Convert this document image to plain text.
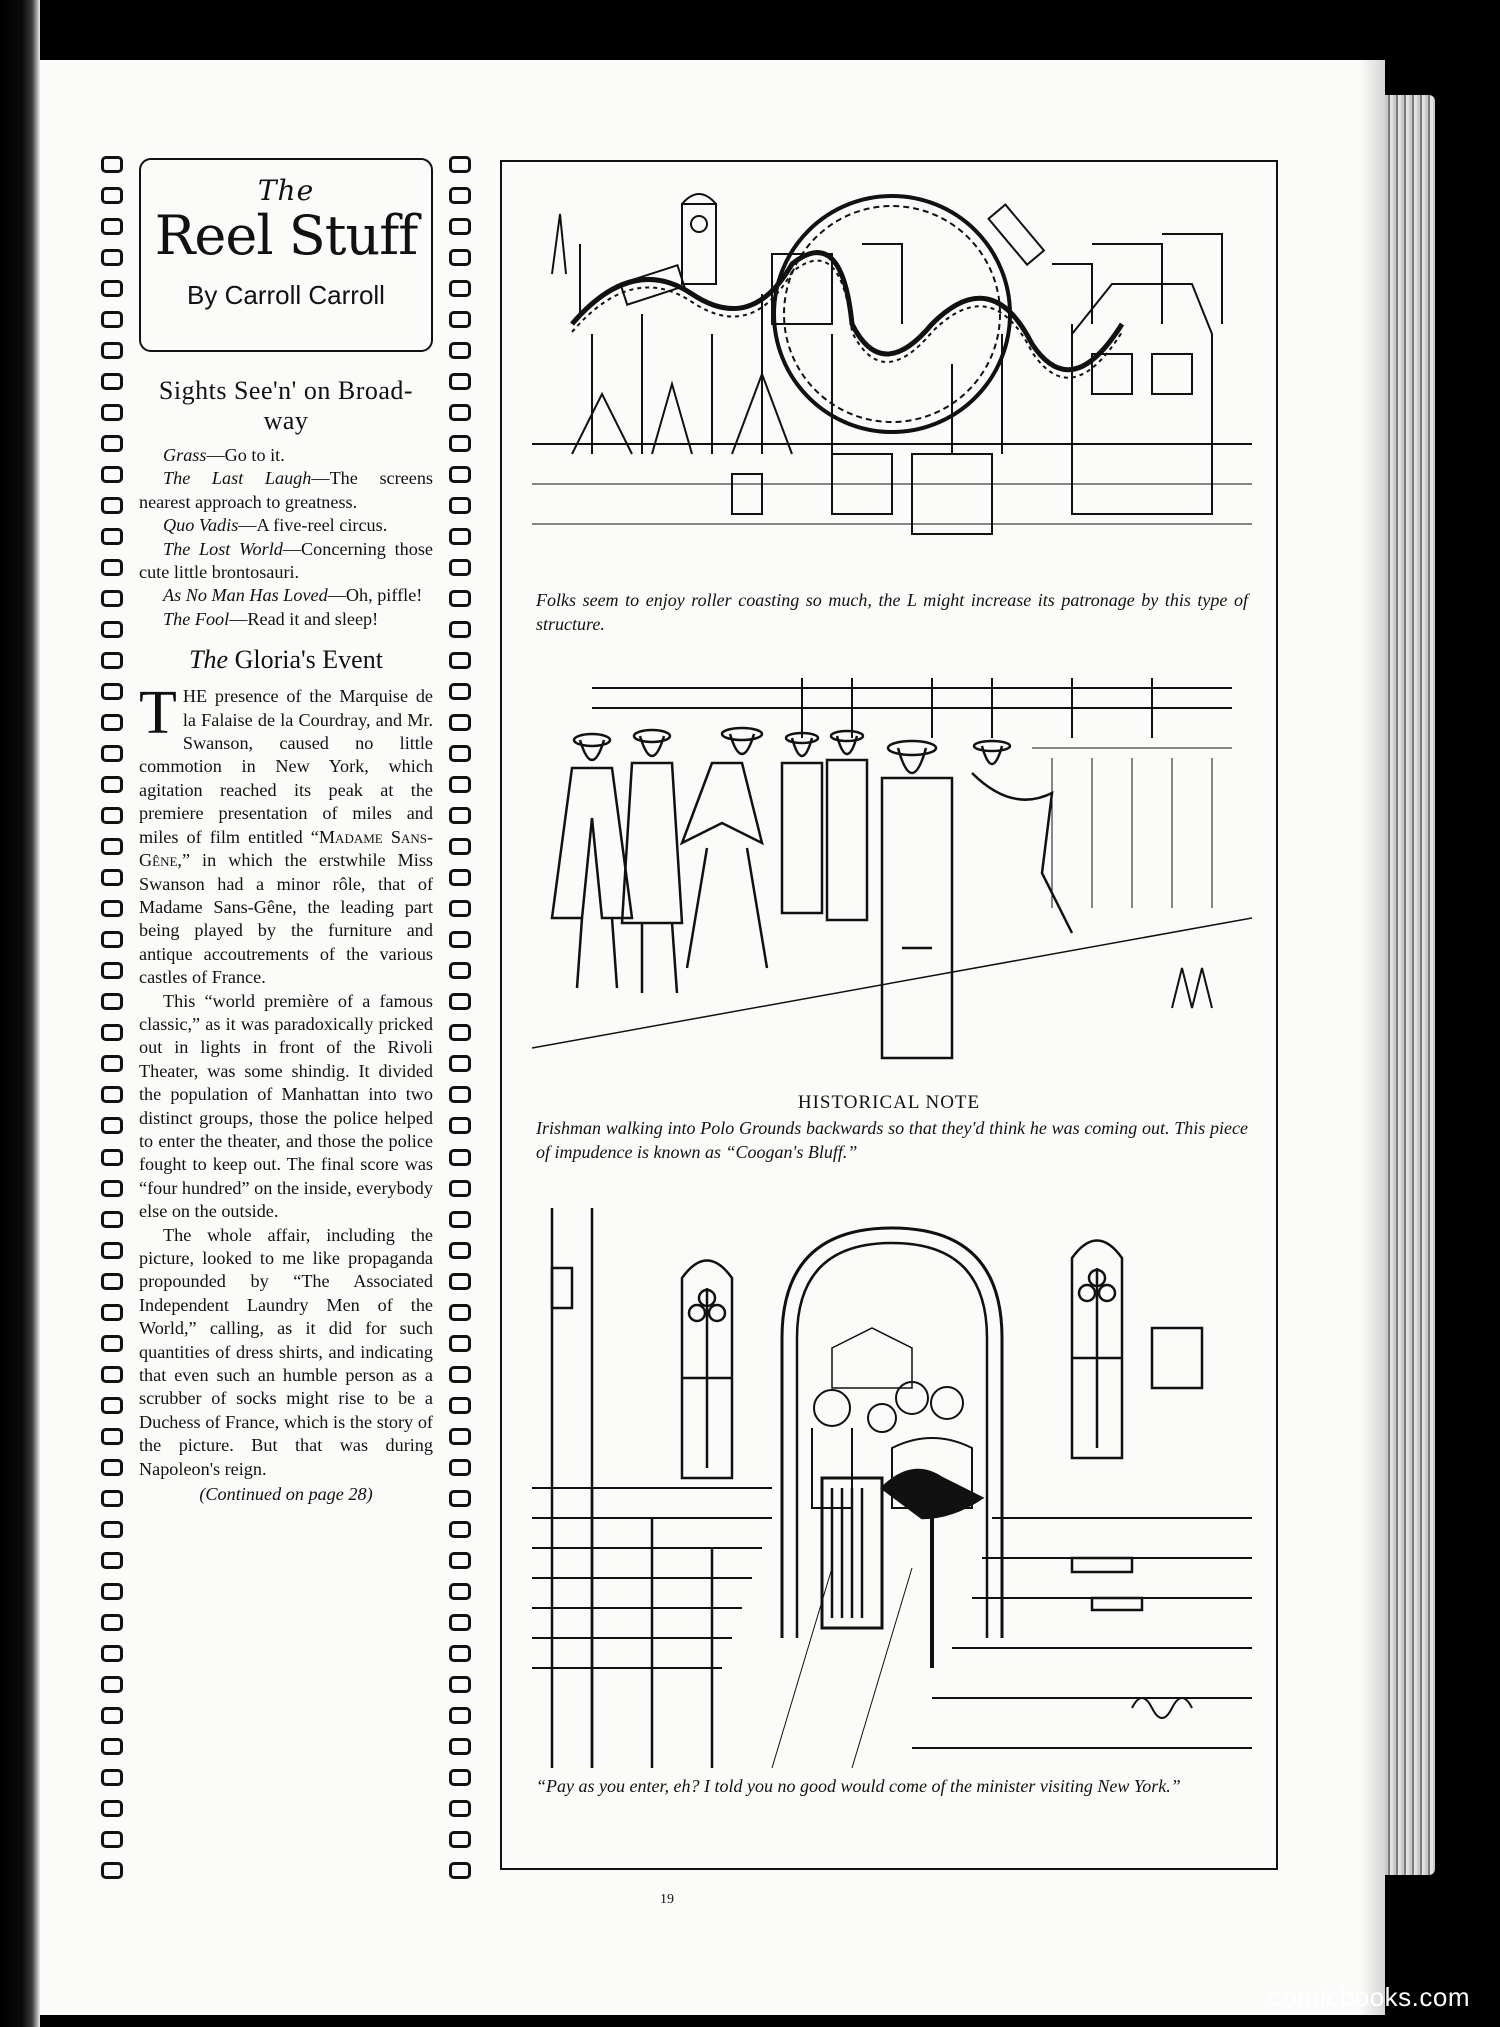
The
Reel Stuff
By Carroll Carroll
Sights See'n' on Broad-way

Grass—Go to it.

The Last Laugh—The screens nearest approach to greatness.

Quo Vadis—A five-reel circus.

The Lost World—Concerning those cute little brontosauri.

As No Man Has Loved—Oh, piffle!

The Fool—Read it and sleep!

The Gloria's Event

THE presence of the Marquise de la Falaise de la Courdray, and Mr. Swanson, caused no little commotion in New York, which agitation reached its peak at the premiere presentation of miles and miles of film entitled “Madame Sans-Gêne,” in which the erstwhile Miss Swanson had a minor rôle, that of Madame Sans-Gêne, the leading part being played by the furniture and antique accoutrements of the various castles of France.

This “world première of a famous classic,” as it was paradoxically pricked out in lights in front of the Rivoli Theater, was some shindig. It divided the population of Manhattan into two distinct groups, those the police helped to enter the theater, and those the police fought to keep out. The final score was “four hundred” on the inside, everybody else on the outside.

The whole affair, including the picture, looked to me like propaganda propounded by “The Associated Independent Laundry Men of the World,” calling, as it did for such quantities of dress shirts, and indicating that even such an humble person as a scrubber of socks might rise to be a Duchess of France, which is the story of the picture. But that was during Napoleon's reign.

(Continued on page 28)
Folks seem to enjoy roller coasting so much, the L might increase its patronage by this type of structure.
HISTORICAL NOTE
Irishman walking into Polo Grounds backwards so that they'd think he was coming out. This piece of impudence is known as “Coogan's Bluff.”
“Pay as you enter, eh? I told you no good would come of the minister visiting New York.”
19
comicbooks.com
